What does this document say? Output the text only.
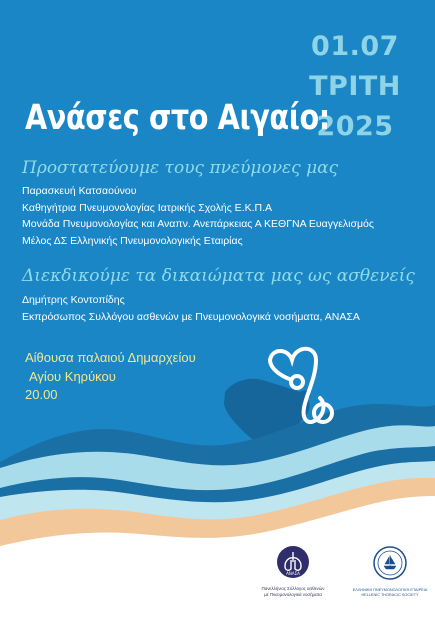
01.07
ΤΡΙΤΗ
2025
Ανάσες στο Αιγαίο:
Προστατεύουμε τους πνεύμονες μας
Παρασκευή Κατσαούνου
Καθηγήτρια Πνευμονολογίας Ιατρικής Σχολής Ε.Κ.Π.Α
Μονάδα Πνευμονολογίας και Αναπν. Ανεπάρκειας Α ΚΕΘΓΝΑ Ευαγγελισμός
Μέλος ΔΣ Ελληνικής Πνευμονολογικής Εταιρίας
Διεκδικούμε τα δικαιώματα μας ως ασθενείς
Δημήτρης Κοντοπίδης
Εκπρόσωπος Συλλόγου ασθενών με Πνευμονολογικά νοσήματα, ΑΝΑΣΑ
Αίθουσα παλαιού Δημαρχείου
Αγίου Κηρύκου
20.00
ΑΝΑΣΑ
Πανελλήνιος Σύλλογος ασθενών
με Πνευμονολογικά νοσήματα
ΕΛΛΗΝΙΚΗ ΠΝΕΥΜΟΝΟΛΟΓΙΚΗ ΕΤΑΙΡΕΙΑ
HELLENIC THORACIC SOCIETY
